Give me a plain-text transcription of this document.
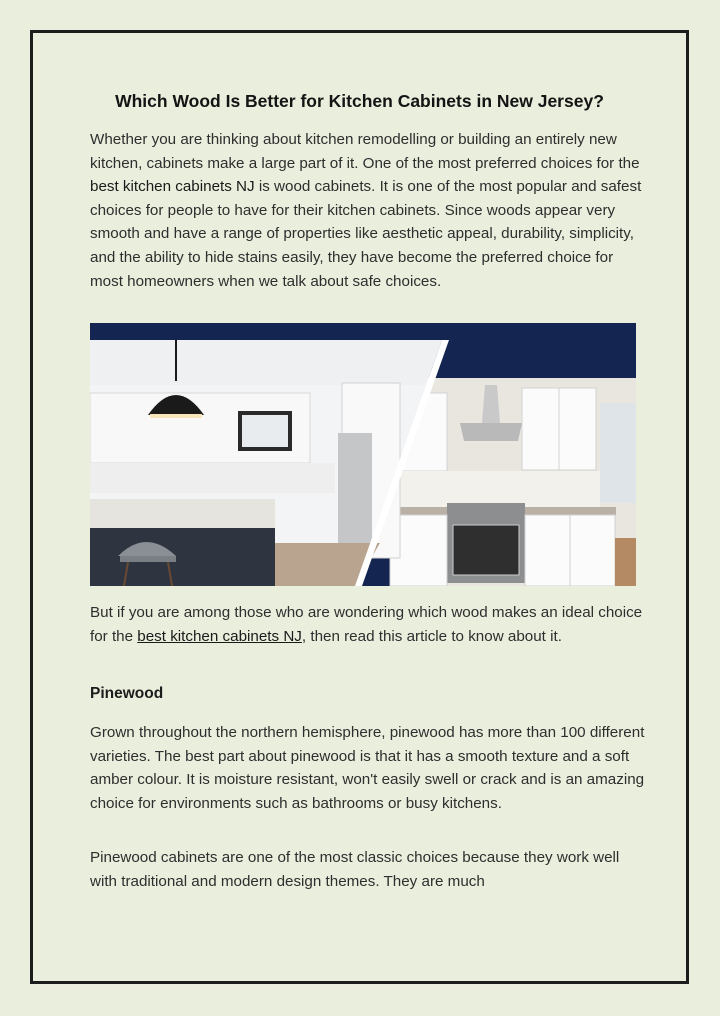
Which Wood Is Better for Kitchen Cabinets in New Jersey?

Whether you are thinking about kitchen remodelling or building an entirely new kitchen, cabinets make a large part of it. One of the most preferred choices for the best kitchen cabinets NJ is wood cabinets. It is one of the most popular and safest choices for people to have for their kitchen cabinets. Since woods appear very smooth and have a range of properties like aesthetic appeal, durability, simplicity, and the ability to hide stains easily, they have become the preferred choice for most homeowners when we talk about safe choices.

But if you are among those who are wondering which wood makes an ideal choice for the best kitchen cabinets NJ, then read this article to know about it.

Pinewood

Grown throughout the northern hemisphere, pinewood has more than 100 different varieties. The best part about pinewood is that it has a smooth texture and a soft amber colour. It is moisture resistant, won't easily swell or crack and is an amazing choice for environments such as bathrooms or busy kitchens.

Pinewood cabinets are one of the most classic choices because they work well with traditional and modern design themes. They are much
